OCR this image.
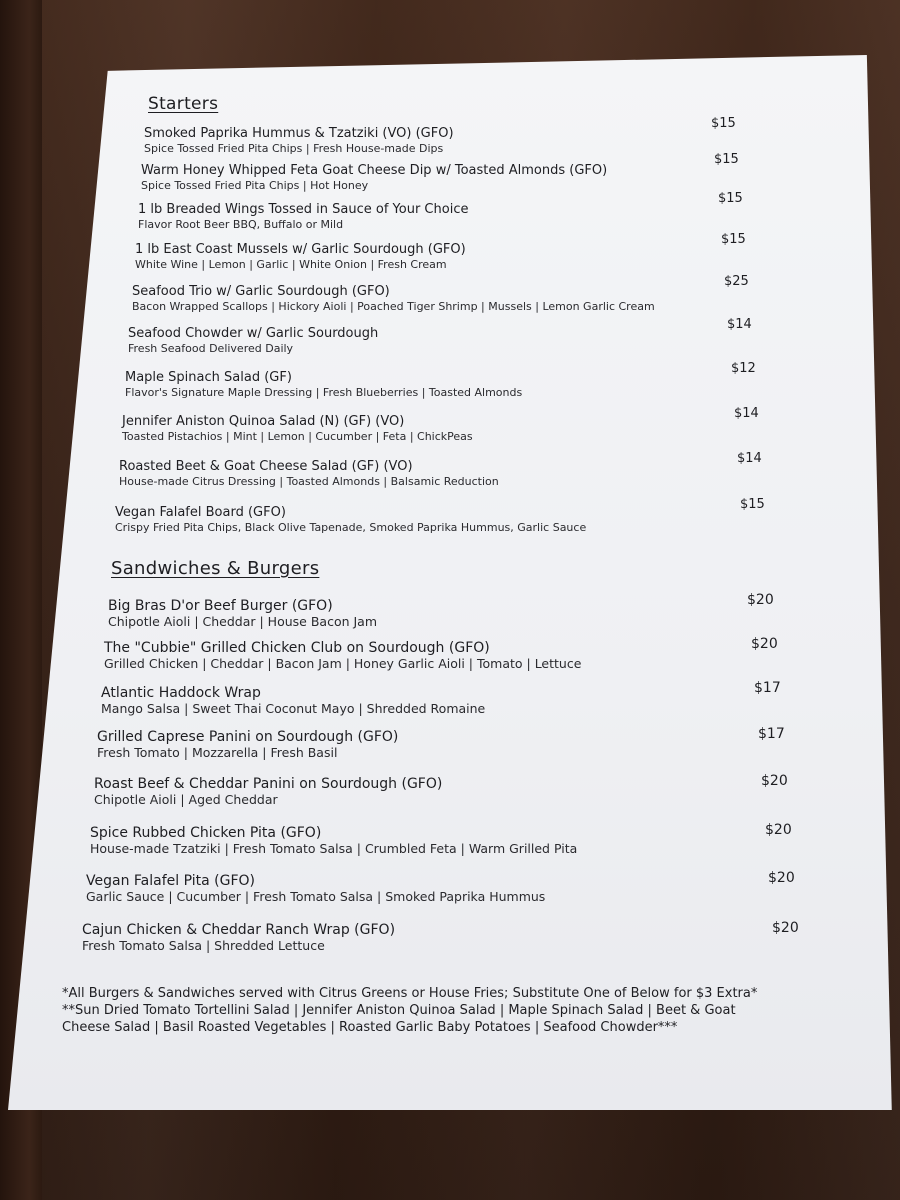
Starters
Smoked Paprika Hummus & Tzatziki (VO) (GFO)
Spice Tossed Fried Pita Chips | Fresh House-made Dips
$15
Warm Honey Whipped Feta Goat Cheese Dip w/ Toasted Almonds (GFO)
Spice Tossed Fried Pita Chips | Hot Honey
$15
1 lb Breaded Wings Tossed in Sauce of Your Choice
Flavor Root Beer BBQ, Buffalo or Mild
$15
1 lb East Coast Mussels w/ Garlic Sourdough (GFO)
White Wine | Lemon | Garlic | White Onion | Fresh Cream
$15
Seafood Trio w/ Garlic Sourdough (GFO)
Bacon Wrapped Scallops | Hickory Aioli | Poached Tiger Shrimp | Mussels | Lemon Garlic Cream
$25
Seafood Chowder w/ Garlic Sourdough
Fresh Seafood Delivered Daily
$14
Maple Spinach Salad (GF)
Flavor's Signature Maple Dressing | Fresh Blueberries | Toasted Almonds
$12
Jennifer Aniston Quinoa Salad (N) (GF) (VO)
Toasted Pistachios | Mint | Lemon | Cucumber | Feta | ChickPeas
$14
Roasted Beet & Goat Cheese Salad (GF) (VO)
House-made Citrus Dressing | Toasted Almonds | Balsamic Reduction
$14
Vegan Falafel Board (GFO)
Crispy Fried Pita Chips, Black Olive Tapenade, Smoked Paprika Hummus, Garlic Sauce
$15
Sandwiches & Burgers
Big Bras D'or Beef Burger (GFO)
Chipotle Aioli | Cheddar | House Bacon Jam
$20
The "Cubbie" Grilled Chicken Club on Sourdough (GFO)
Grilled Chicken | Cheddar | Bacon Jam | Honey Garlic Aioli | Tomato | Lettuce
$20
Atlantic Haddock Wrap
Mango Salsa | Sweet Thai Coconut Mayo | Shredded Romaine
$17
Grilled Caprese Panini on Sourdough (GFO)
Fresh Tomato | Mozzarella | Fresh Basil
$17
Roast Beef & Cheddar Panini on Sourdough (GFO)
Chipotle Aioli | Aged Cheddar
$20
Spice Rubbed Chicken Pita (GFO)
House-made Tzatziki | Fresh Tomato Salsa | Crumbled Feta | Warm Grilled Pita
$20
Vegan Falafel Pita (GFO)
Garlic Sauce | Cucumber | Fresh Tomato Salsa | Smoked Paprika Hummus
$20
Cajun Chicken & Cheddar Ranch Wrap (GFO)
Fresh Tomato Salsa | Shredded Lettuce
$20
*All Burgers & Sandwiches served with Citrus Greens or House Fries; Substitute One of Below for $3 Extra*
**Sun Dried Tomato Tortellini Salad | Jennifer Aniston Quinoa Salad | Maple Spinach Salad | Beet & Goat
Cheese Salad | Basil Roasted Vegetables | Roasted Garlic Baby Potatoes | Seafood Chowder***
